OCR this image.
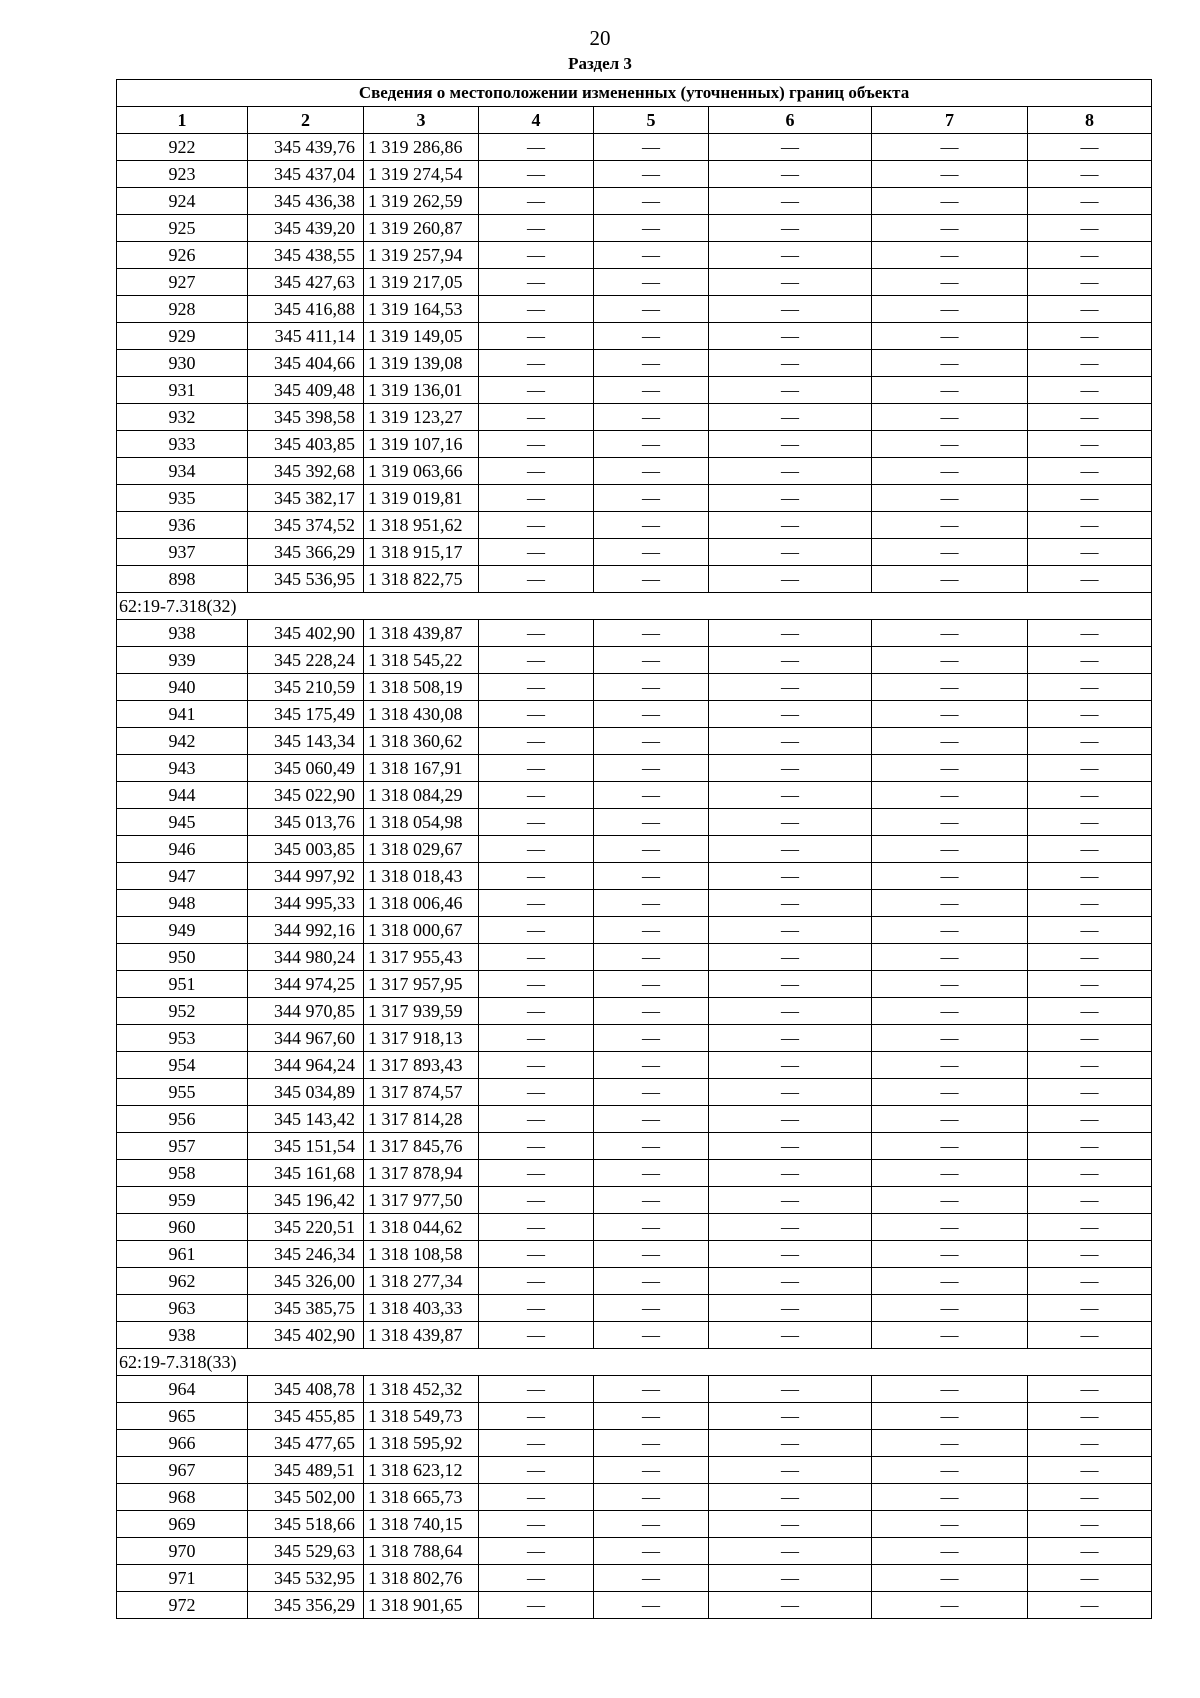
20
Раздел 3
Сведения о местоположении измененных (уточненных) границ объекта							
1	2	3	4	5	6	7	8
922	345 439,76	1 319 286,86	—	—	—	—	—
923	345 437,04	1 319 274,54	—	—	—	—	—
924	345 436,38	1 319 262,59	—	—	—	—	—
925	345 439,20	1 319 260,87	—	—	—	—	—
926	345 438,55	1 319 257,94	—	—	—	—	—
927	345 427,63	1 319 217,05	—	—	—	—	—
928	345 416,88	1 319 164,53	—	—	—	—	—
929	345 411,14	1 319 149,05	—	—	—	—	—
930	345 404,66	1 319 139,08	—	—	—	—	—
931	345 409,48	1 319 136,01	—	—	—	—	—
932	345 398,58	1 319 123,27	—	—	—	—	—
933	345 403,85	1 319 107,16	—	—	—	—	—
934	345 392,68	1 319 063,66	—	—	—	—	—
935	345 382,17	1 319 019,81	—	—	—	—	—
936	345 374,52	1 318 951,62	—	—	—	—	—
937	345 366,29	1 318 915,17	—	—	—	—	—
898	345 536,95	1 318 822,75	—	—	—	—	—
62:19-7.318(32)							
938	345 402,90	1 318 439,87	—	—	—	—	—
939	345 228,24	1 318 545,22	—	—	—	—	—
940	345 210,59	1 318 508,19	—	—	—	—	—
941	345 175,49	1 318 430,08	—	—	—	—	—
942	345 143,34	1 318 360,62	—	—	—	—	—
943	345 060,49	1 318 167,91	—	—	—	—	—
944	345 022,90	1 318 084,29	—	—	—	—	—
945	345 013,76	1 318 054,98	—	—	—	—	—
946	345 003,85	1 318 029,67	—	—	—	—	—
947	344 997,92	1 318 018,43	—	—	—	—	—
948	344 995,33	1 318 006,46	—	—	—	—	—
949	344 992,16	1 318 000,67	—	—	—	—	—
950	344 980,24	1 317 955,43	—	—	—	—	—
951	344 974,25	1 317 957,95	—	—	—	—	—
952	344 970,85	1 317 939,59	—	—	—	—	—
953	344 967,60	1 317 918,13	—	—	—	—	—
954	344 964,24	1 317 893,43	—	—	—	—	—
955	345 034,89	1 317 874,57	—	—	—	—	—
956	345 143,42	1 317 814,28	—	—	—	—	—
957	345 151,54	1 317 845,76	—	—	—	—	—
958	345 161,68	1 317 878,94	—	—	—	—	—
959	345 196,42	1 317 977,50	—	—	—	—	—
960	345 220,51	1 318 044,62	—	—	—	—	—
961	345 246,34	1 318 108,58	—	—	—	—	—
962	345 326,00	1 318 277,34	—	—	—	—	—
963	345 385,75	1 318 403,33	—	—	—	—	—
938	345 402,90	1 318 439,87	—	—	—	—	—
62:19-7.318(33)							
964	345 408,78	1 318 452,32	—	—	—	—	—
965	345 455,85	1 318 549,73	—	—	—	—	—
966	345 477,65	1 318 595,92	—	—	—	—	—
967	345 489,51	1 318 623,12	—	—	—	—	—
968	345 502,00	1 318 665,73	—	—	—	—	—
969	345 518,66	1 318 740,15	—	—	—	—	—
970	345 529,63	1 318 788,64	—	—	—	—	—
971	345 532,95	1 318 802,76	—	—	—	—	—
972	345 356,29	1 318 901,65	—	—	—	—	—
